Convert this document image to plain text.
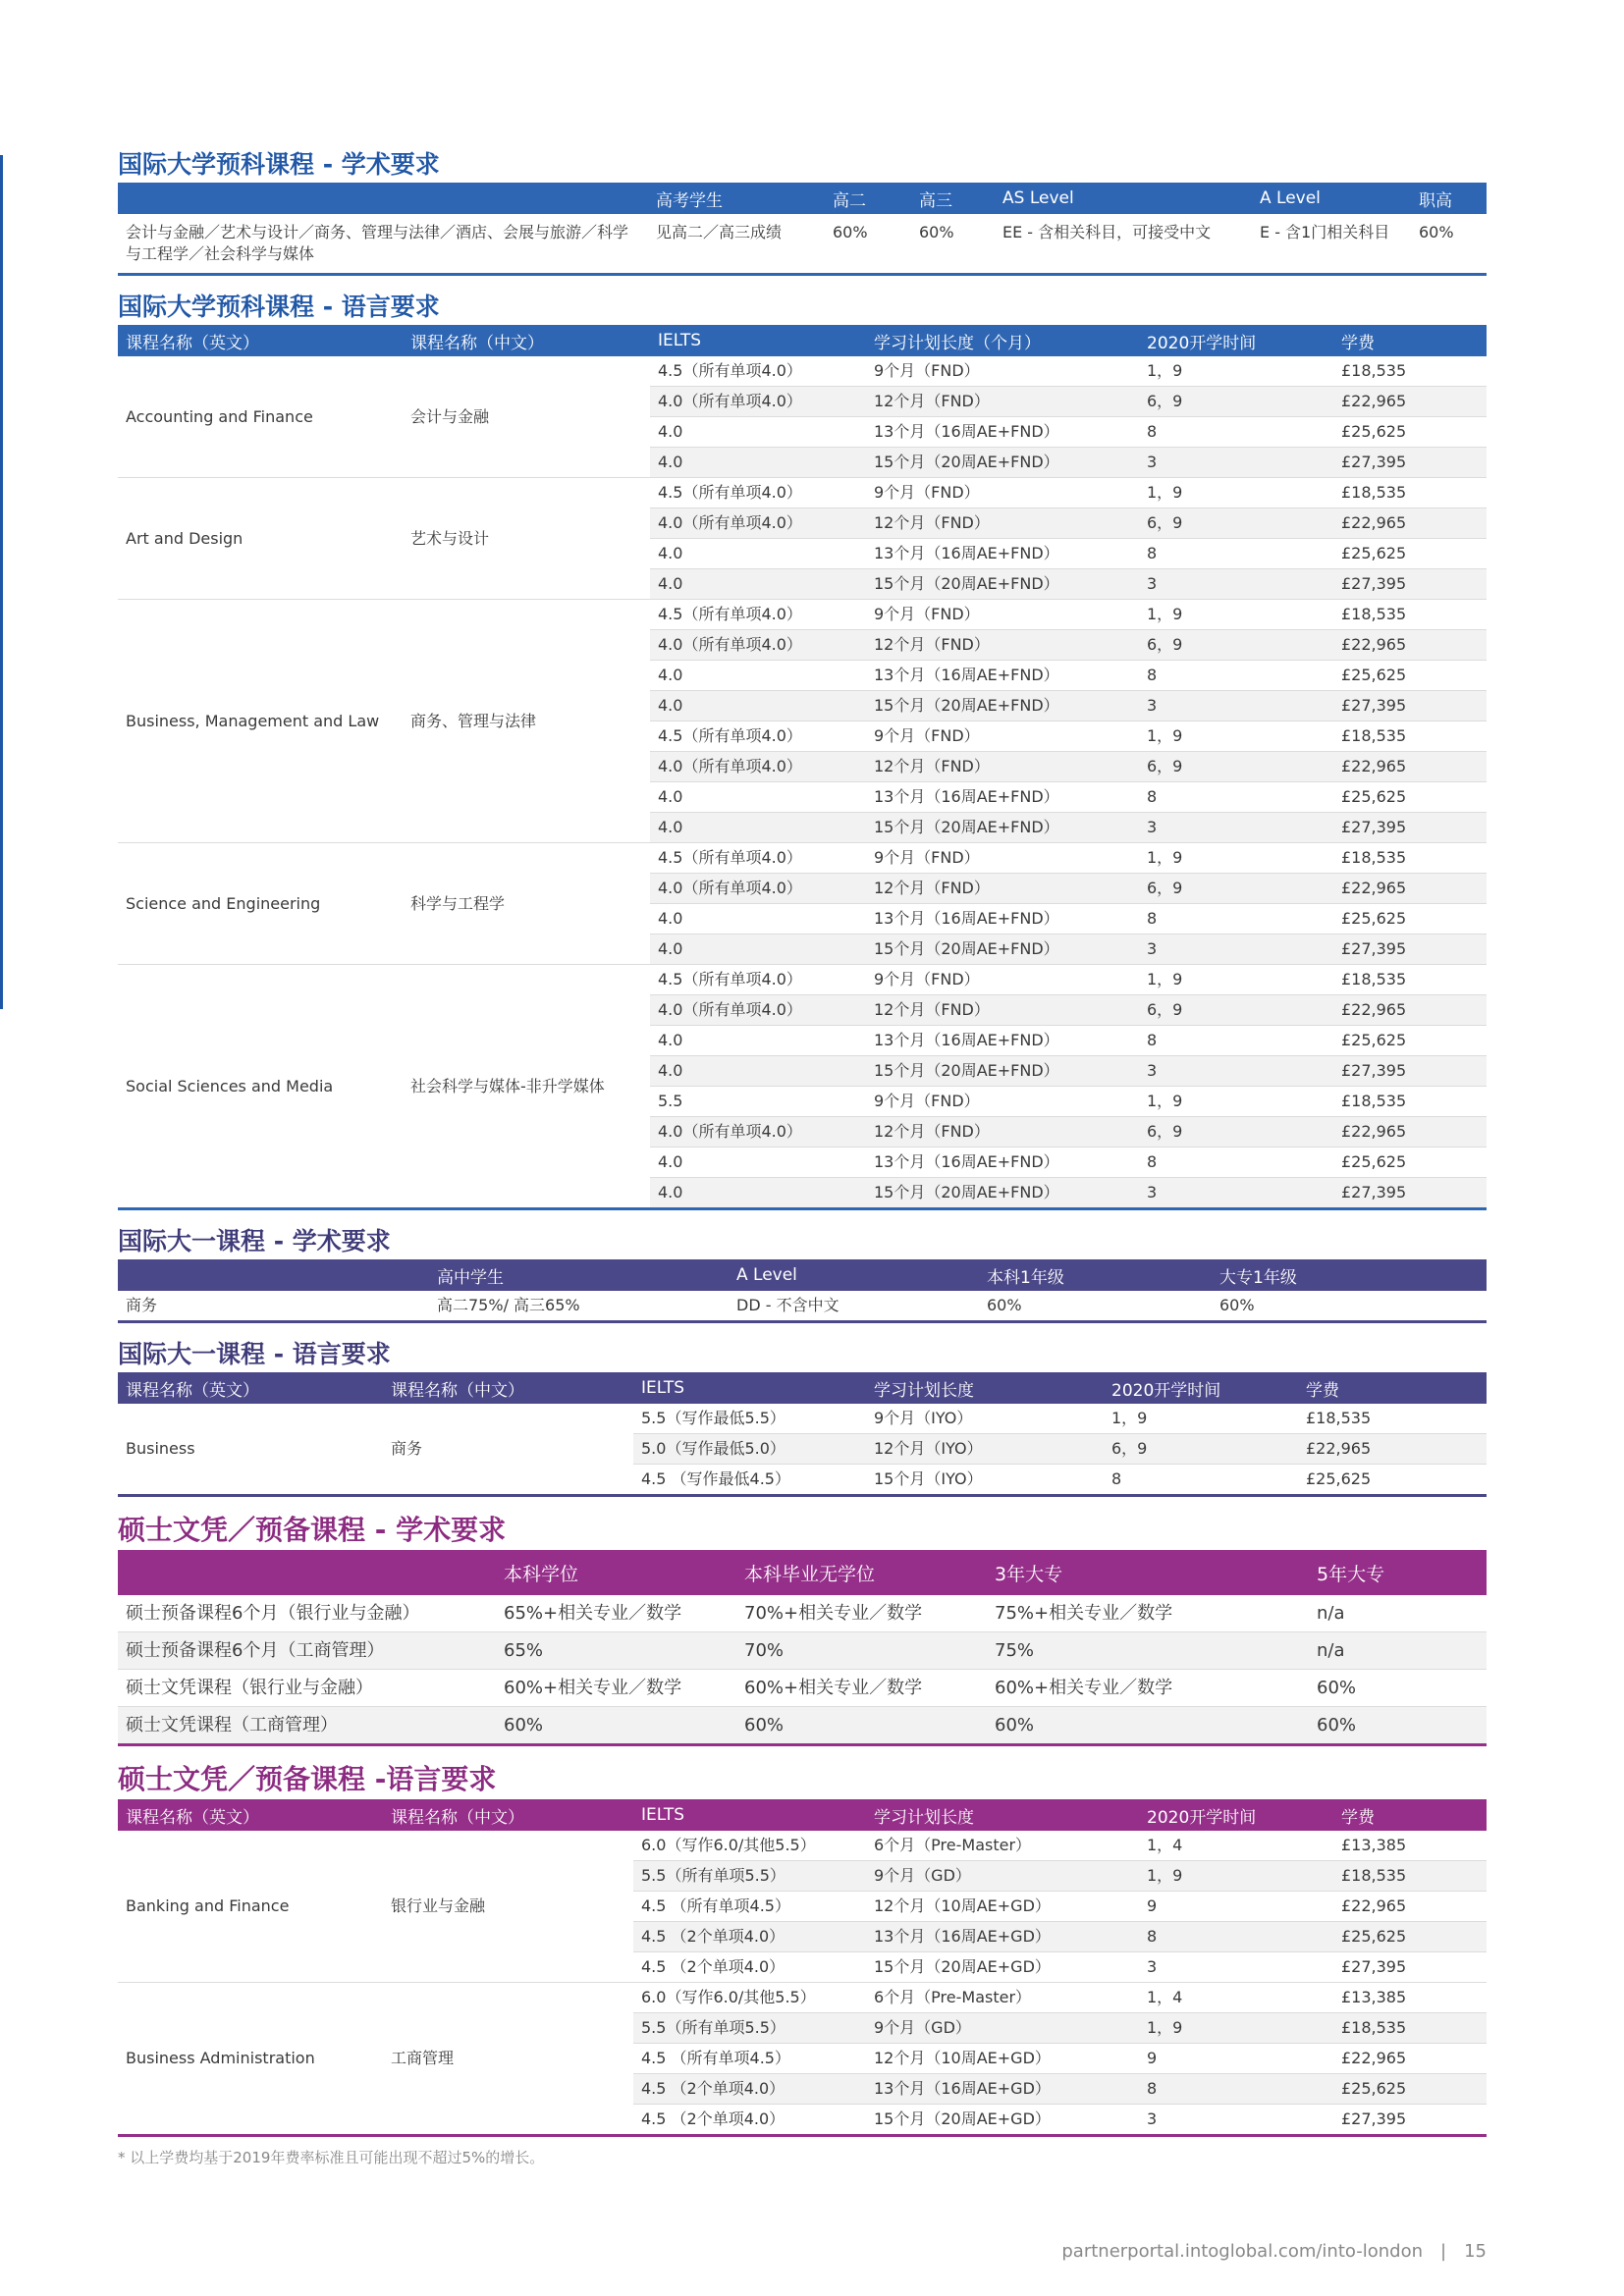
国际大学预科课程 - 学术要求
	高考学生	高二	高三	AS Level	A Level	职高
会计与金融／艺术与设计／商务、管理与法律／酒店、会展与旅游／科学与工程学／社会科学与媒体	见高二／高三成绩	60%	60%	EE - 含相关科目，可接受中文	E - 含1门相关科目	60%
国际大学预科课程 - 语言要求
课程名称（英文）	课程名称（中文）	IELTS	学习计划长度（个月）	2020开学时间	学费
Accounting and Finance	会计与金融	4.5（所有单项4.0）	9个月（FND）	1，9	£18,535
		4.0（所有单项4.0）	12个月（FND）	6，9	£22,965
		4.0	13个月（16周AE+FND）	8	£25,625
		4.0	15个月（20周AE+FND）	3	£27,395
Art and Design	艺术与设计	4.5（所有单项4.0）	9个月（FND）	1，9	£18,535
		4.0（所有单项4.0）	12个月（FND）	6，9	£22,965
		4.0	13个月（16周AE+FND）	8	£25,625
		4.0	15个月（20周AE+FND）	3	£27,395
Business, Management and Law	商务、管理与法律	4.5（所有单项4.0）	9个月（FND）	1，9	£18,535
		4.0（所有单项4.0）	12个月（FND）	6，9	£22,965
		4.0	13个月（16周AE+FND）	8	£25,625
		4.0	15个月（20周AE+FND）	3	£27,395
		4.5（所有单项4.0）	9个月（FND）	1，9	£18,535
		4.0（所有单项4.0）	12个月（FND）	6，9	£22,965
		4.0	13个月（16周AE+FND）	8	£25,625
		4.0	15个月（20周AE+FND）	3	£27,395
Science and Engineering	科学与工程学	4.5（所有单项4.0）	9个月（FND）	1，9	£18,535
		4.0（所有单项4.0）	12个月（FND）	6，9	£22,965
		4.0	13个月（16周AE+FND）	8	£25,625
		4.0	15个月（20周AE+FND）	3	£27,395
Social Sciences and Media	社会科学与媒体-非升学媒体	4.5（所有单项4.0）	9个月（FND）	1，9	£18,535
		4.0（所有单项4.0）	12个月（FND）	6，9	£22,965
		4.0	13个月（16周AE+FND）	8	£25,625
		4.0	15个月（20周AE+FND）	3	£27,395
		5.5	9个月（FND）	1，9	£18,535
		4.0（所有单项4.0）	12个月（FND）	6，9	£22,965
		4.0	13个月（16周AE+FND）	8	£25,625
		4.0	15个月（20周AE+FND）	3	£27,395
国际大一课程 - 学术要求
	高中学生	A Level	本科1年级	大专1年级
商务	高二75%/ 高三65%	DD - 不含中文	60%	60%
国际大一课程 - 语言要求
课程名称（英文）	课程名称（中文）	IELTS	学习计划长度	2020开学时间	学费
Business	商务	5.5（写作最低5.5）	9个月（IYO）	1，9	£18,535
		5.0（写作最低5.0）	12个月（IYO）	6，9	£22,965
		4.5 （写作最低4.5）	15个月（IYO）	8	£25,625
硕士文凭／预备课程 - 学术要求
	本科学位	本科毕业无学位	3年大专	5年大专
硕士预备课程6个月（银行业与金融）	65%+相关专业／数学	70%+相关专业／数学	75%+相关专业／数学	n/a
硕士预备课程6个月（工商管理）	65%	70%	75%	n/a
硕士文凭课程（银行业与金融）	60%+相关专业／数学	60%+相关专业／数学	60%+相关专业／数学	60%
硕士文凭课程（工商管理）	60%	60%	60%	60%
硕士文凭／预备课程 -语言要求
课程名称（英文）	课程名称（中文）	IELTS	学习计划长度	2020开学时间	学费
Banking and Finance	银行业与金融	6.0（写作6.0/其他5.5）	6个月（Pre-Master）	1，4	£13,385
		5.5（所有单项5.5）	9个月（GD）	1，9	£18,535
		4.5 （所有单项4.5）	12个月（10周AE+GD）	9	£22,965
		4.5 （2个单项4.0）	13个月（16周AE+GD）	8	£25,625
		4.5 （2个单项4.0）	15个月（20周AE+GD）	3	£27,395
Business Administration	工商管理	6.0（写作6.0/其他5.5）	6个月（Pre-Master）	1，4	£13,385
		5.5（所有单项5.5）	9个月（GD）	1，9	£18,535
		4.5 （所有单项4.5）	12个月（10周AE+GD）	9	£22,965
		4.5 （2个单项4.0）	13个月（16周AE+GD）	8	£25,625
		4.5 （2个单项4.0）	15个月（20周AE+GD）	3	£27,395
* 以上学费均基于2019年费率标准且可能出现不超过5%的增长。
partnerportal.intoglobal.com/into-london | 15
